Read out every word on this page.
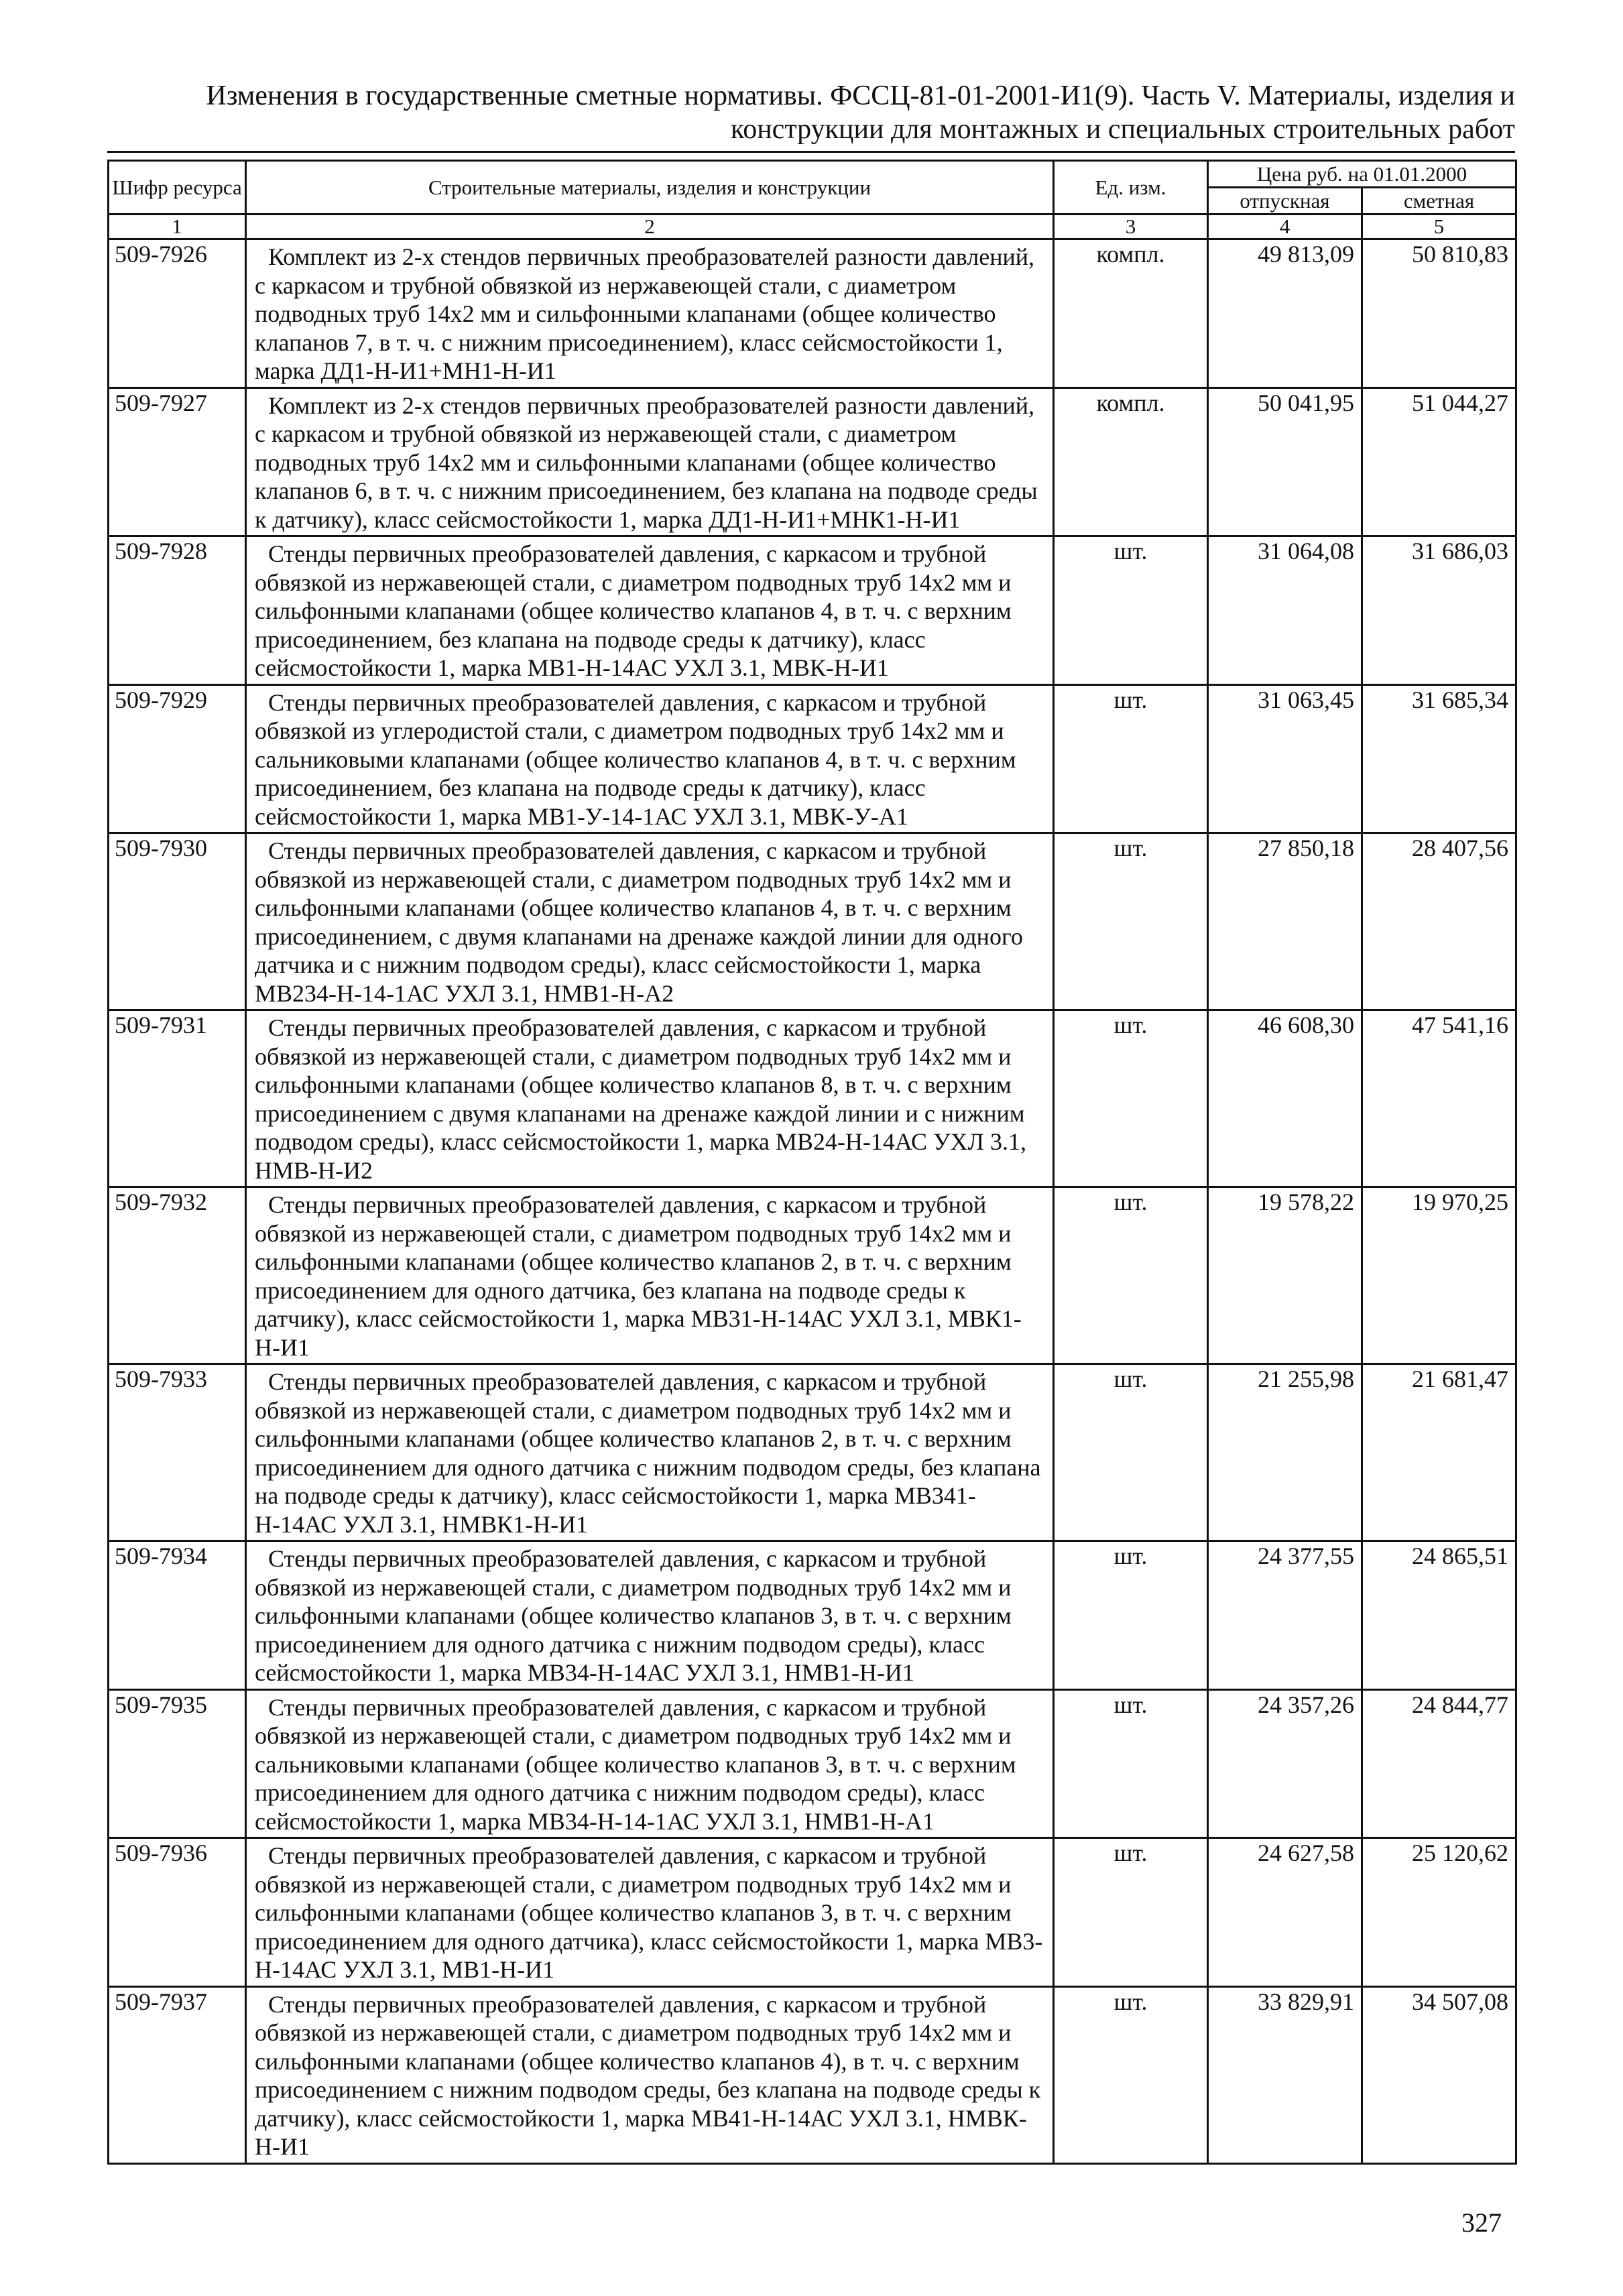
Изменения в государственные сметные нормативы. ФССЦ-81-01-2001-И1(9). Часть V. Материалы, изделия и
конструкции для монтажных и специальных строительных работ
Шифр ресурса	Строительные материалы, изделия и конструкции	Ед. изм.	Цена руб. на 01.01.2000	
			отпускная	сметная
1	2	3	4	5
509-7926	Комплект из 2-х стендов первичных преобразователей разности давлений, с каркасом и трубной обвязкой из нержавеющей стали, с диаметром подводных труб 14х2 мм и сильфонными клапанами (общее количество клапанов 7, в т. ч. с нижним присоединением), класс сейсмостойкости 1, марка ДД1-Н-И1+МН1-Н-И1	компл.	49 813,09	50 810,83
509-7927	Комплект из 2-х стендов первичных преобразователей разности давлений, с каркасом и трубной обвязкой из нержавеющей стали, с диаметром подводных труб 14х2 мм и сильфонными клапанами (общее количество клапанов 6, в т. ч. с нижним присоединением, без клапана на подводе среды к датчику), класс сейсмостойкости 1, марка ДД1-Н-И1+МНК1-Н-И1	компл.	50 041,95	51 044,27
509-7928	Стенды первичных преобразователей давления, с каркасом и трубной обвязкой из нержавеющей стали, с диаметром подводных труб 14х2 мм и сильфонными клапанами (общее количество клапанов 4, в т. ч. с верхним присоединением, без клапана на подводе среды к датчику), класс сейсмостойкости 1, марка МВ1-Н-14АС УХЛ 3.1, МВК-Н-И1	шт.	31 064,08	31 686,03
509-7929	Стенды первичных преобразователей давления, с каркасом и трубной обвязкой из углеродистой стали, с диаметром подводных труб 14х2 мм и сальниковыми клапанами (общее количество клапанов 4, в т. ч. с верхним присоединением, без клапана на подводе среды к датчику), класс сейсмостойкости 1, марка МВ1-У-14-1АС УХЛ 3.1, МВК-У-А1	шт.	31 063,45	31 685,34
509-7930	Стенды первичных преобразователей давления, с каркасом и трубной обвязкой из нержавеющей стали, с диаметром подводных труб 14х2 мм и сильфонными клапанами (общее количество клапанов 4, в т. ч. с верхним присоединением, с двумя клапанами на дренаже каждой линии для одного датчика и с нижним подводом среды), класс сейсмостойкости 1, марка МВ234-Н-14-1АС УХЛ 3.1, НМВ1-Н-А2	шт.	27 850,18	28 407,56
509-7931	Стенды первичных преобразователей давления, с каркасом и трубной обвязкой из нержавеющей стали, с диаметром подводных труб 14х2 мм и сильфонными клапанами (общее количество клапанов 8, в т. ч. с верхним присоединением с двумя клапанами на дренаже каждой линии и с нижним подводом среды), класс сейсмостойкости 1, марка МВ24-Н-14АС УХЛ 3.1, НМВ-Н-И2	шт.	46 608,30	47 541,16
509-7932	Стенды первичных преобразователей давления, с каркасом и трубной обвязкой из нержавеющей стали, с диаметром подводных труб 14х2 мм и сильфонными клапанами (общее количество клапанов 2, в т. ч. с верхним присоединением для одного датчика, без клапана на подводе среды к датчику), класс сейсмостойкости 1, марка МВ31-Н-14АС УХЛ 3.1, МВК1-Н-И1	шт.	19 578,22	19 970,25
509-7933	Стенды первичных преобразователей давления, с каркасом и трубной обвязкой из нержавеющей стали, с диаметром подводных труб 14х2 мм и сильфонными клапанами (общее количество клапанов 2, в т. ч. с верхним присоединением для одного датчика с нижним подводом среды, без клапана на подводе среды к датчику), класс сейсмостойкости 1, марка МВ341-Н-14АС УХЛ 3.1, НМВК1-Н-И1	шт.	21 255,98	21 681,47
509-7934	Стенды первичных преобразователей давления, с каркасом и трубной обвязкой из нержавеющей стали, с диаметром подводных труб 14х2 мм и сильфонными клапанами (общее количество клапанов 3, в т. ч. с верхним присоединением для одного датчика с нижним подводом среды), класс сейсмостойкости 1, марка МВ34-Н-14АС УХЛ 3.1, НМВ1-Н-И1	шт.	24 377,55	24 865,51
509-7935	Стенды первичных преобразователей давления, с каркасом и трубной обвязкой из нержавеющей стали, с диаметром подводных труб 14х2 мм и сальниковыми клапанами (общее количество клапанов 3, в т. ч. с верхним присоединением для одного датчика с нижним подводом среды), класс сейсмостойкости 1, марка МВ34-Н-14-1АС УХЛ 3.1, НМВ1-Н-А1	шт.	24 357,26	24 844,77
509-7936	Стенды первичных преобразователей давления, с каркасом и трубной обвязкой из нержавеющей стали, с диаметром подводных труб 14х2 мм и сильфонными клапанами (общее количество клапанов 3, в т. ч. с верхним присоединением для одного датчика), класс сейсмостойкости 1, марка МВ3-Н-14АС УХЛ 3.1, МВ1-Н-И1	шт.	24 627,58	25 120,62
509-7937	Стенды первичных преобразователей давления, с каркасом и трубной обвязкой из нержавеющей стали, с диаметром подводных труб 14х2 мм и сильфонными клапанами (общее количество клапанов 4), в т. ч. с верхним присоединением с нижним подводом среды, без клапана на подводе среды к датчику), класс сейсмостойкости 1, марка МВ41-Н-14АС УХЛ 3.1, НМВК-Н-И1	шт.	33 829,91	34 507,08
327
